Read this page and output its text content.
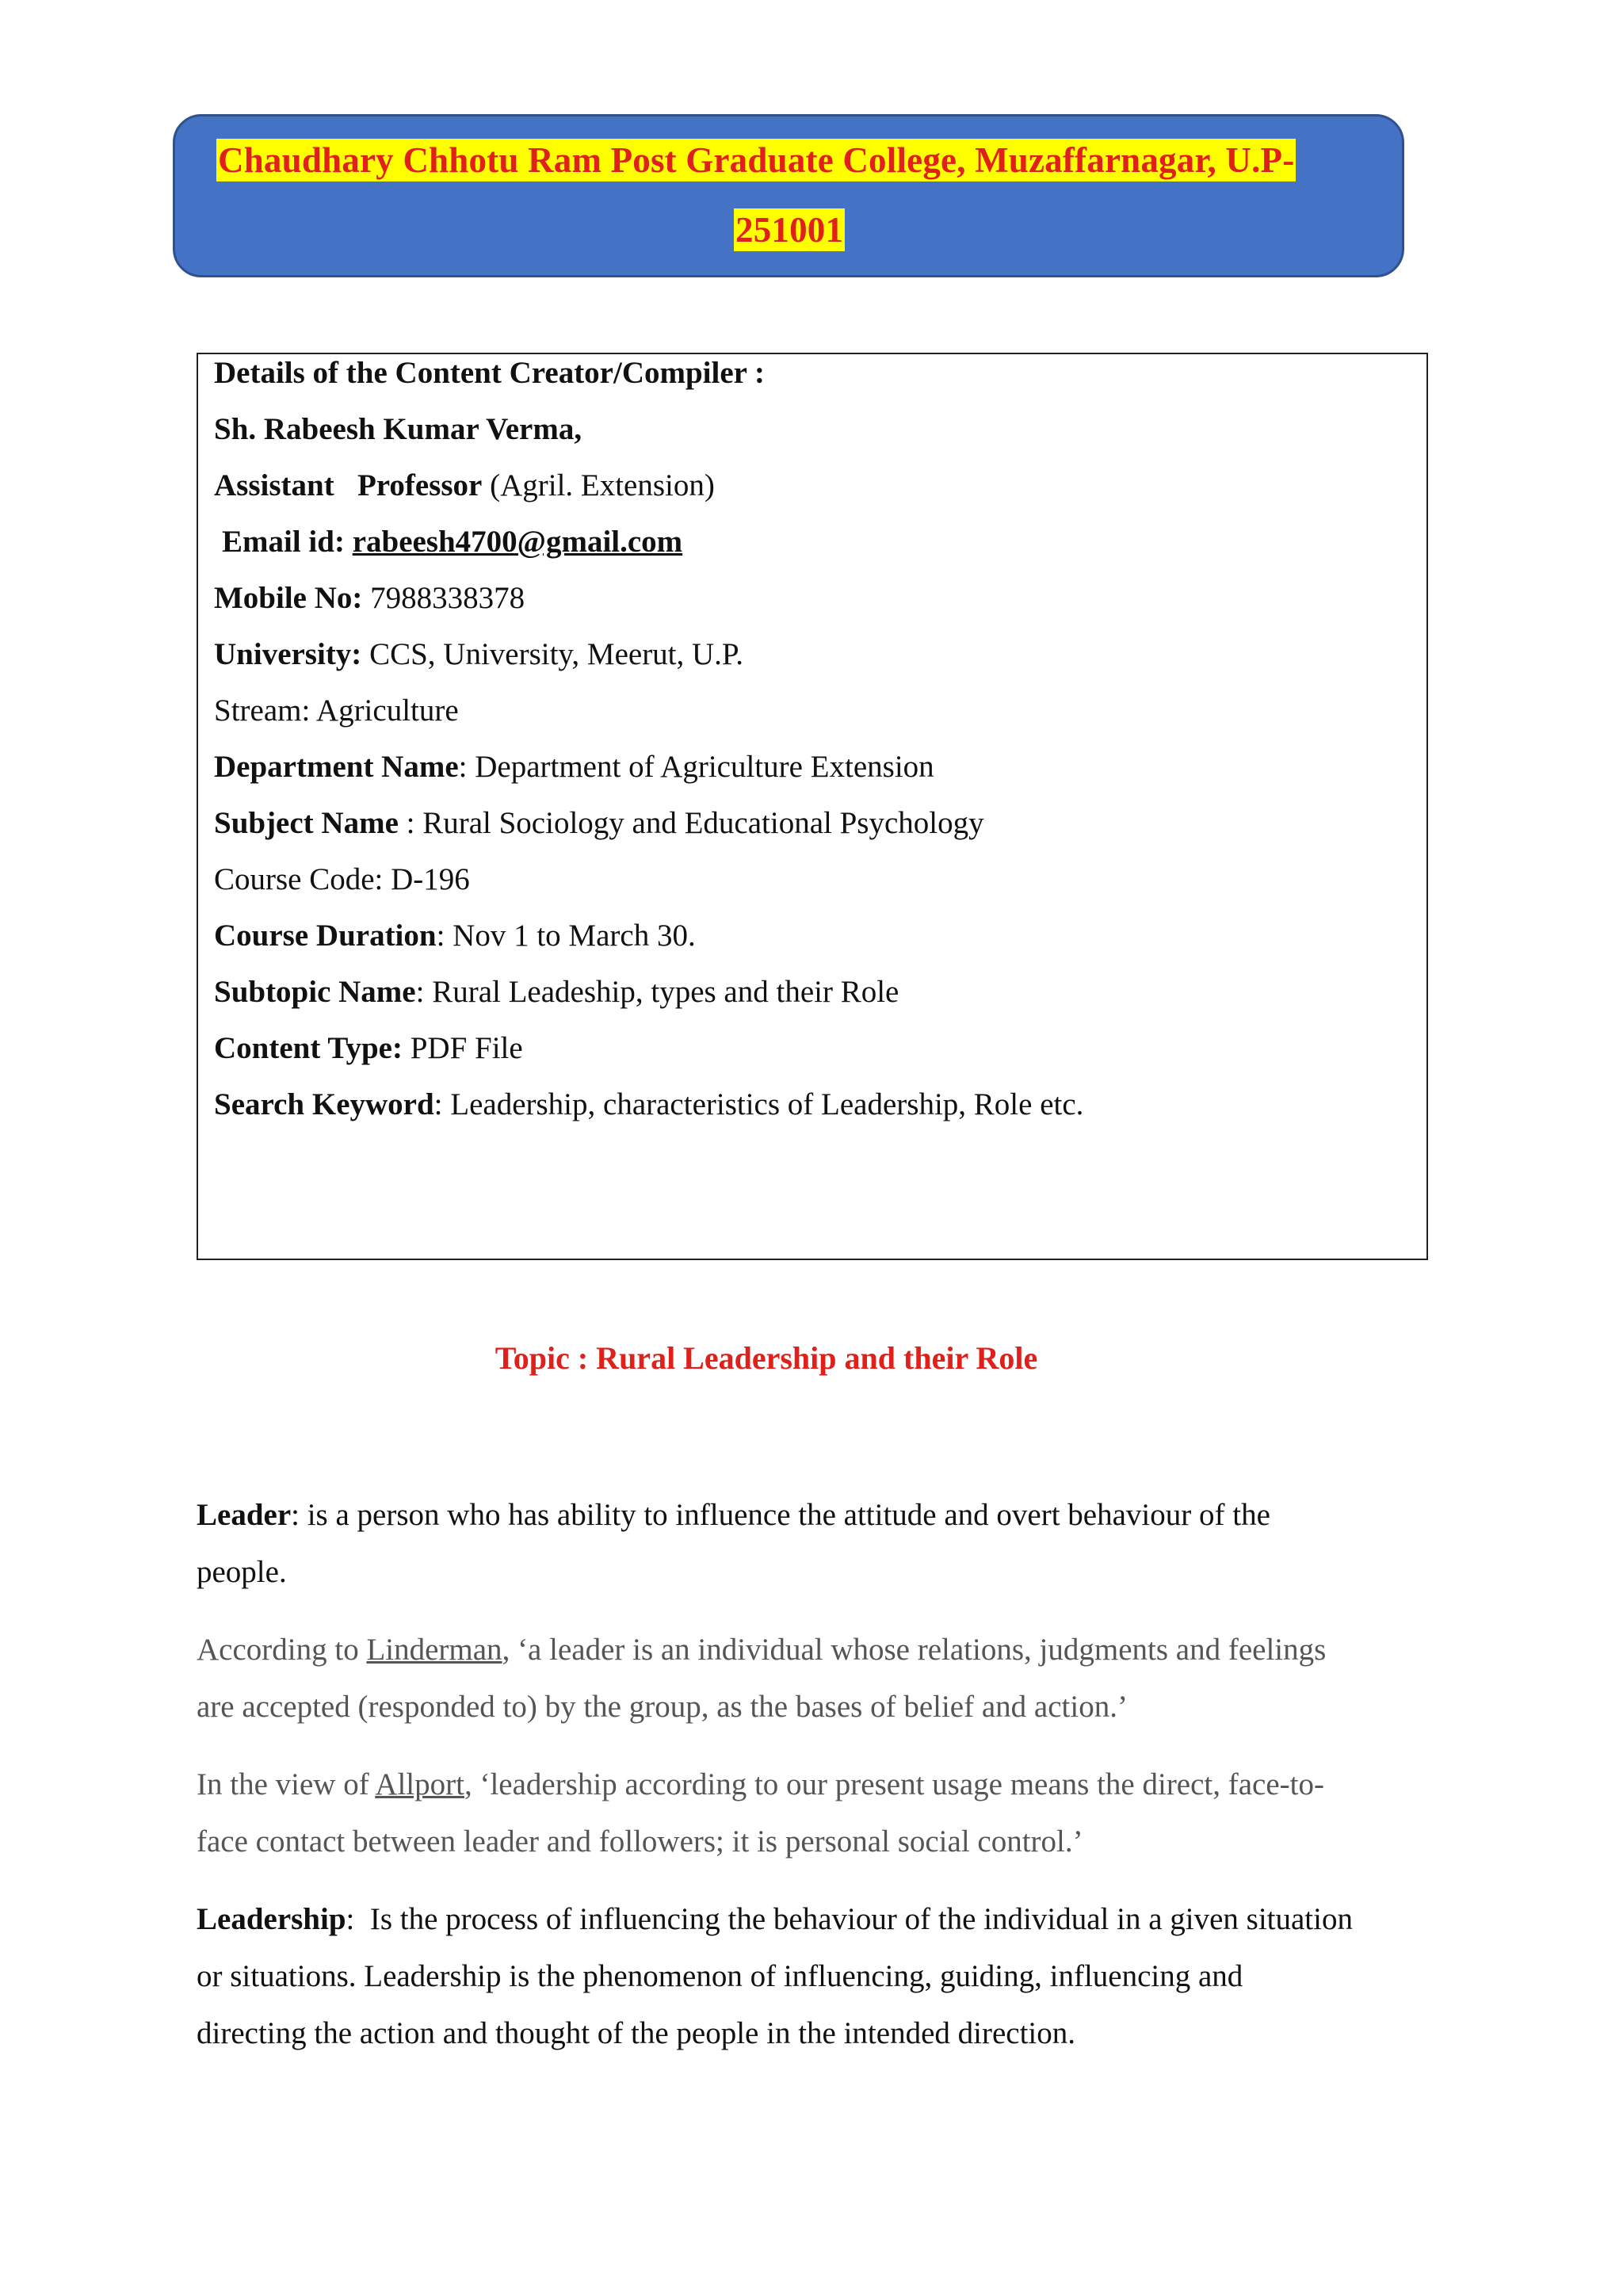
Chaudhary Chhotu Ram Post Graduate College, Muzaffarnagar, U.P-
251001
Details of the Content Creator/Compiler :
Sh. Rabeesh Kumar Verma,
Assistant   Professor (Agril. Extension)
Email id: rabeesh4700@gmail.com
Mobile No: 7988338378
University: CCS, University, Meerut, U.P.
Stream: Agriculture
Department Name: Department of Agriculture Extension
Subject Name : Rural Sociology and Educational Psychology
Course Code: D-196
Course Duration: Nov 1 to March 30.
Subtopic Name: Rural Leadeship, types and their Role
Content Type: PDF File
Search Keyword: Leadership, characteristics of Leadership, Role etc.
Topic : Rural Leadership and their Role
Leader: is a person who has ability to influence the attitude and overt behaviour of the
people.
According to Linderman, ‘a leader is an individual whose relations, judgments and feelings
are accepted (responded to) by the group, as the bases of belief and action.’
In the view of Allport, ‘leadership according to our present usage means the direct, face-to-
face contact between leader and followers; it is personal social control.’
Leadership:  Is the process of influencing the behaviour of the individual in a given situation
or situations. Leadership is the phenomenon of influencing, guiding, influencing and
directing the action and thought of the people in the intended direction.
